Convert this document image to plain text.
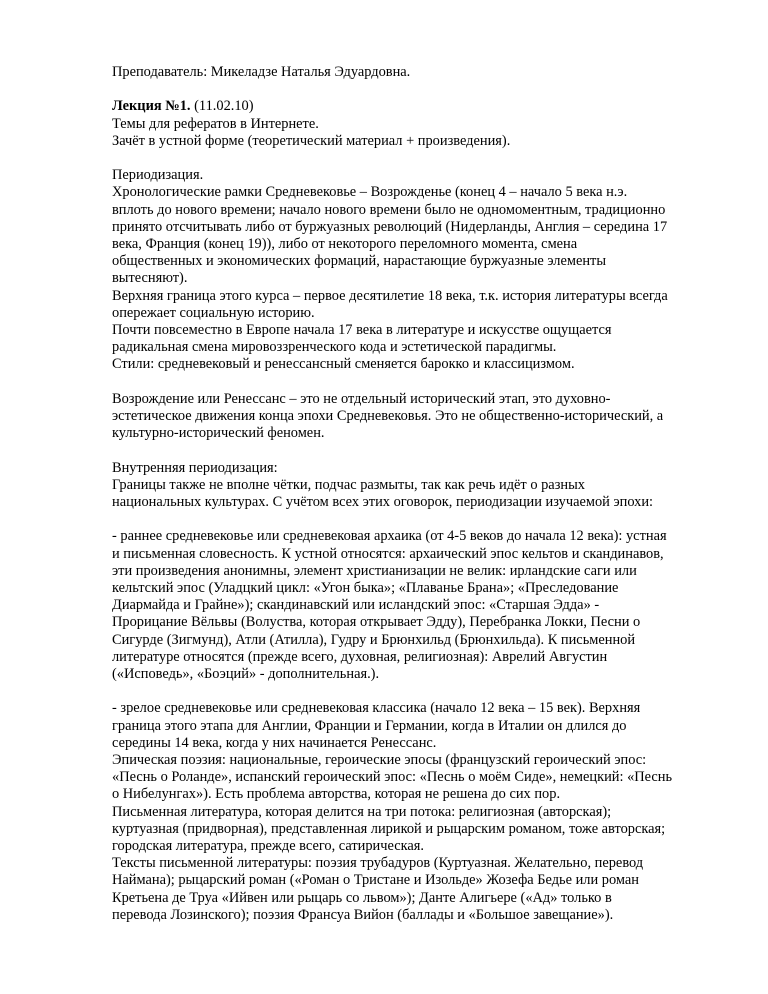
Преподаватель: Микеладзе Наталья Эдуардовна.

Лекция №1. (11.02.10)
Темы для рефератов в Интернете.
Зачёт в устной форме (теоретический материал + произведения).

Периодизация.
Хронологические рамки Средневековье – Возрожденье (конец 4 – начало 5 века н.э.
вплоть до нового времени; начало нового времени было не одномоментным, традиционно
принято отсчитывать либо от буржуазных революций (Нидерланды, Англия – середина 17
века, Франция (конец 19)), либо от некоторого переломного момента, смена
общественных и экономических формаций, нарастающие буржуазные элементы
вытесняют).
Верхняя граница этого курса – первое десятилетие 18 века, т.к. история литературы всегда
опережает социальную историю.
Почти повсеместно в Европе начала 17 века в литературе и искусстве ощущается
радикальная смена мировоззренческого кода и эстетической парадигмы.
Стили: средневековый и ренессансный сменяется барокко и классицизмом.

Возрождение или Ренессанс – это не отдельный исторический этап, это духовно-
эстетическое движения конца эпохи Средневековья. Это не общественно-исторический, а
культурно-исторический феномен.

Внутренняя периодизация:
Границы также не вполне чётки, подчас размыты, так как речь идёт о разных
национальных культурах. С учётом всех этих оговорок, периодизации изучаемой эпохи:

- раннее средневековье или средневековая архаика (от 4-5 веков до начала 12 века): устная
и письменная словесность. К устной относятся: архаический эпос кельтов и скандинавов,
эти произведения анонимны, элемент христианизации не велик: ирландские саги или
кельтский эпос (Уладцкий цикл: «Угон быка»; «Плаванье Брана»; «Преследование
Диармайда и Грайне»); скандинавский или исландский эпос: «Старшая Эдда» -
Прорицание Вёльвы (Волуства, которая открывает Эдду), Перебранка Локки, Песни о
Сигурде (Зигмунд), Атли (Атилла), Гудру и Брюнхильд (Брюнхильда). К письменной
литературе относятся (прежде всего, духовная, религиозная): Аврелий Августин
(«Исповедь», «Боэций» - дополнительная.).

- зрелое средневековье или средневековая классика (начало 12 века – 15 век). Верхняя
граница этого этапа для Англии, Франции и Германии, когда в Италии он длился до
середины 14 века, когда у них начинается Ренессанс.
Эпическая поэзия: национальные, героические эпосы (французский героический эпос:
«Песнь о Роланде», испанский героический эпос: «Песнь о моём Сиде», немецкий: «Песнь
о Нибелунгах»). Есть проблема авторства, которая не решена до сих пор.
Письменная литература, которая делится на три потока: религиозная (авторская);
куртуазная (придворная), представленная лирикой и рыцарским романом, тоже авторская;
городская литература, прежде всего, сатирическая.
Тексты письменной литературы: поэзия трубадуров (Куртуазная. Желательно, перевод
Наймана); рыцарский роман («Роман о Тристане и Изольде» Жозефа Бедье или роман
Кретьена де Труа «Ийвен или рыцарь со львом»); Данте Алигьере («Ад» только в
перевода Лозинского); поэзия Франсуа Вийон (баллады и «Большое завещание»).
